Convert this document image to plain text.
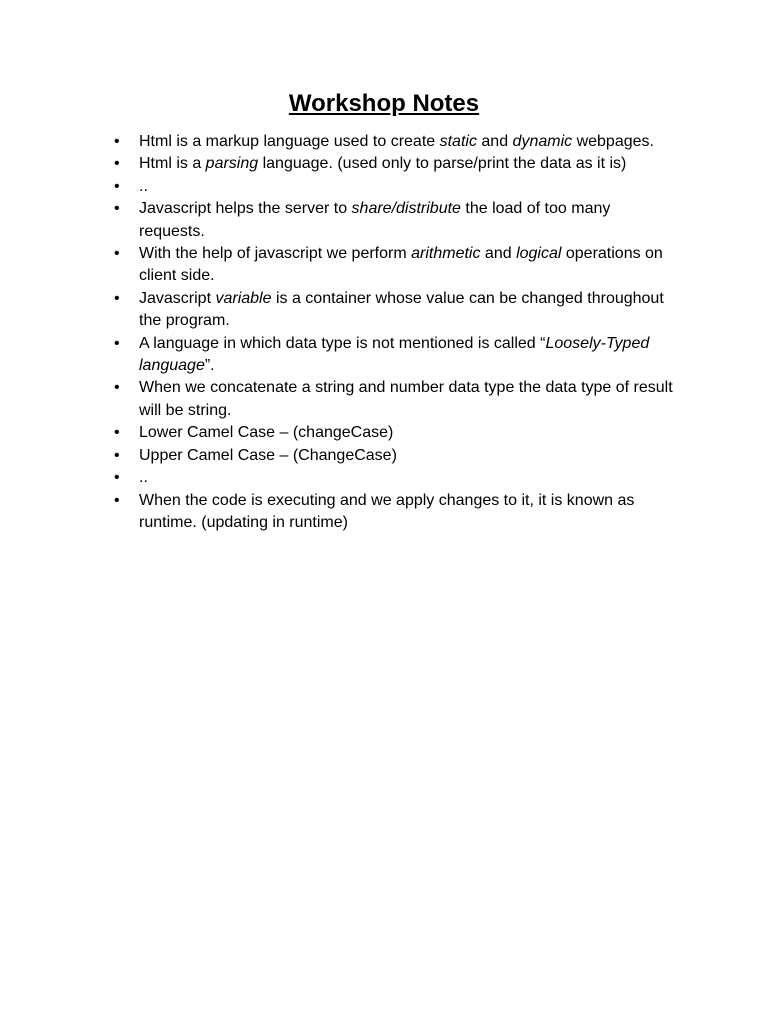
Workshop Notes
• Html is a markup language used to create static and dynamic webpages.
• Html is a parsing language. (used only to parse/print the data as it is)
• ..
• Javascript helps the server to share/distribute the load of too many requests.
• With the help of javascript we perform arithmetic and logical operations on client side.
• Javascript variable is a container whose value can be changed throughout the program.
• A language in which data type is not mentioned is called “Loosely-Typed language”.
• When we concatenate a string and number data type the data type of result will be string.
• Lower Camel Case – (changeCase)
• Upper Camel Case – (ChangeCase)
• ..
• When the code is executing and we apply changes to it, it is known as runtime. (updating in runtime)
